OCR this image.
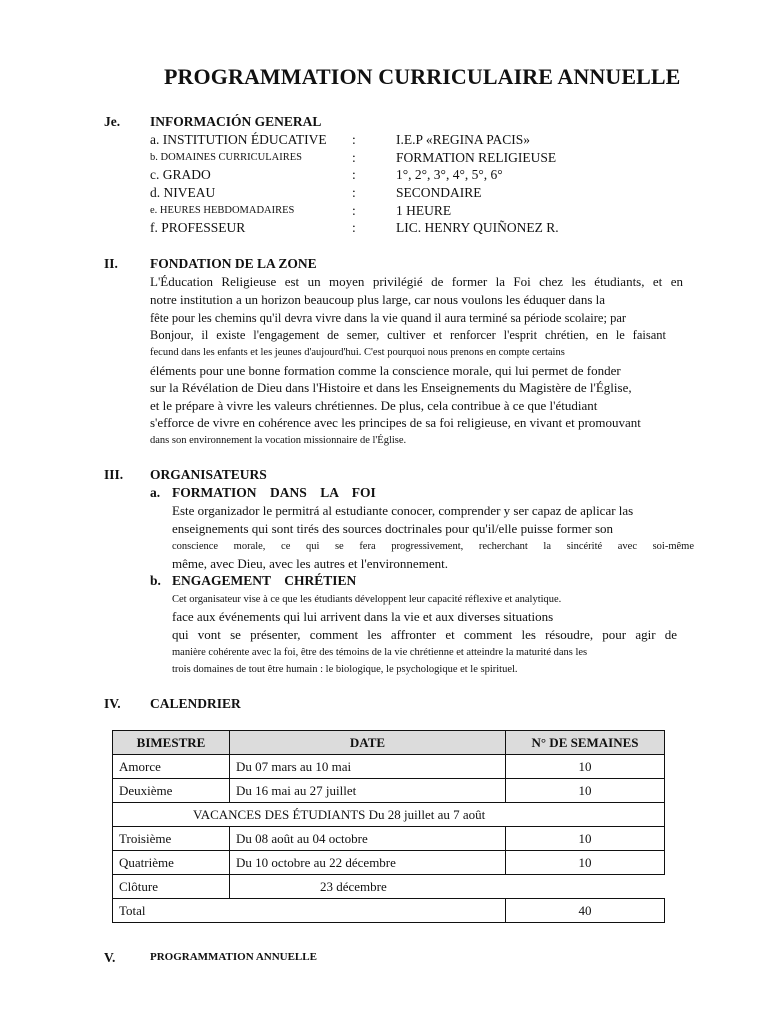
PROGRAMMATION CURRICULAIRE ANNUELLE
Je. INFORMACIÓN GENERAL
a. INSTITUTION ÉDUCATIVE :	I.E.P «REGINA PACIS»
b. DOMAINES CURRICULAIRES	:	FORMATION RELIGIEUSE
c. GRADO	:	1°, 2°, 3°, 4°, 5°, 6°
d. NIVEAU	:	SECONDAIRE
e. HEURES HEBDOMADAIRES	:	1 HEURE
f. PROFESSEUR	:	LIC. HENRY QUIÑONEZ R.
II. FONDATION DE LA ZONE
L'Éducation Religieuse est un moyen privilégié de former la Foi chez les étudiants, et en
notre institution a un horizon beaucoup plus large, car nous voulons les éduquer dans la
fête pour les chemins qu'il devra vivre dans la vie quand il aura terminé sa période scolaire; par
Bonjour, il existe l'engagement de semer, cultiver et renforcer l'esprit chrétien, en le faisant
fecund dans les enfants et les jeunes d'aujourd'hui. C'est pourquoi nous prenons en compte certains
éléments pour une bonne formation comme la conscience morale, qui lui permet de fonder
sur la Révélation de Dieu dans l'Histoire et dans les Enseignements du Magistère de l'Église,
et le prépare à vivre les valeurs chrétiennes. De plus, cela contribue à ce que l'étudiant
s'efforce de vivre en cohérence avec les principes de sa foi religieuse, en vivant et promouvant
dans son environnement la vocation missionnaire de l'Église.
III. ORGANISATEURS
a. FORMATION    DANS    LA    FOI
Este organizador le permitrá al estudiante conocer, comprender y ser capaz de aplicar las
enseignements qui sont tirés des sources doctrinales pour qu'il/elle puisse former son
conscience morale, ce qui se fera progressivement, recherchant la sincérité avec soi-même
même, avec Dieu, avec les autres et l'environnement.
b. ENGAGEMENT    CHRÉTIEN
Cet organisateur vise à ce que les étudiants développent leur capacité réflexive et analytique.
face aux événements qui lui arrivent dans la vie et aux diverses situations
qui vont se présenter, comment les affronter et comment les résoudre, pour agir de
manière cohérente avec la foi, être des témoins de la vie chrétienne et atteindre la maturité dans les
trois domaines de tout être humain : le biologique, le psychologique et le spirituel.
IV. CALENDRIER
BIMESTRE	DATE	N° DE SEMAINES
Amorce	Du 07 mars au 10 mai	10
Deuxième	Du 16 mai au 27 juillet	10
VACANCES DES ÉTUDIANTS Du 28 juillet au 7 août		
Troisième	Du 08 août au 04 octobre	10
Quatrième	Du 10 octobre au 22 décembre	10
Clôture	23 décembre	
Total		40
V.	PROGRAMMATION ANNUELLE
